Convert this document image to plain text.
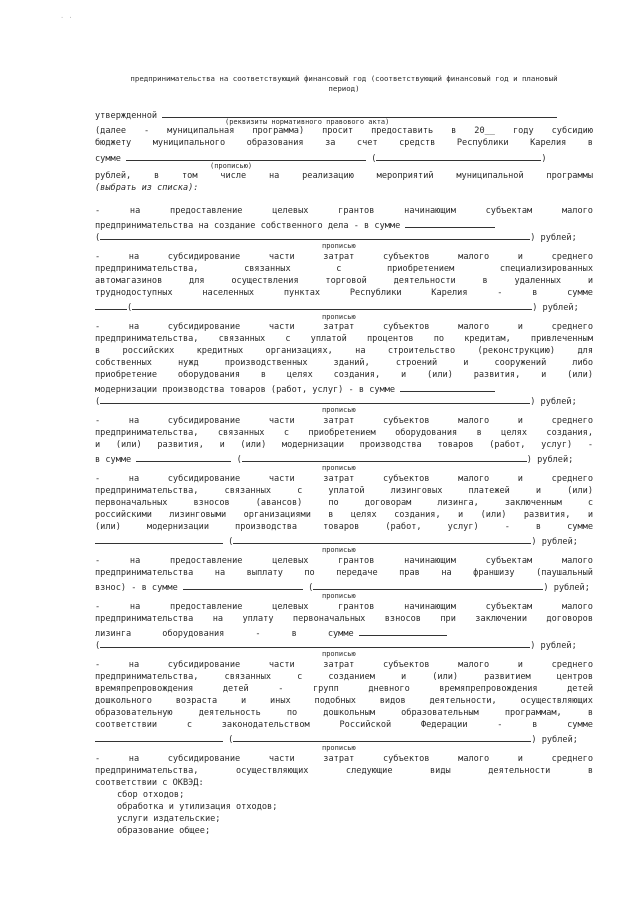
· ·
предпринимательства на соответствующий финансовый год (соответствующий финансовый год и плановый
период)
утвержденной
(реквизиты нормативного правового акта)
(далее - муниципальная программа) просит предоставить в 20__ году субсидию
бюджету муниципального образования за счет средств Республики Карелия в
сумме	(	)
(прописью)
рублей, в том числе на реализацию мероприятий муниципальной программы
(выбрать из списка):
- на предоставление целевых грантов начинающим субъектам малого
предпринимательства на создание собственного дела - в сумме
(	) рублей;
прописью
- на субсидирование части затрат субъектов малого и среднего
предпринимательства, связанных с приобретением специализированных
автомагазинов для осуществления торговой деятельности в удаленных и
труднодоступных населенных пунктах Республики Карелия - в сумме
(	) рублей;
прописью
- на субсидирование части затрат субъектов малого и среднего
предпринимательства, связанных с уплатой процентов по кредитам, привлеченным
в российских кредитных организациях, на строительство (реконструкцию) для
собственных нужд производственных зданий, строений и сооружений либо
приобретение оборудования в целях создания, и (или) развития, и (или)
модернизации производства товаров (работ, услуг) - в сумме
(	) рублей;
прописью
- на субсидирование части затрат субъектов малого и среднего
предпринимательства, связанных с приобретением оборудования в целях создания,
и (или) развития, и (или) модернизации производства товаров (работ, услуг) -
в сумме	(	) рублей;
прописью
- на субсидирование части затрат субъектов малого и среднего
предпринимательства, связанных с уплатой лизинговых платежей и (или)
первоначальных взносов (авансов) по договорам лизинга, заключенным с
российскими лизинговыми организациями в целях создания, и (или) развития, и
(или) модернизации производства товаров (работ, услуг) - в сумме
(	) рублей;
прописью
- на предоставление целевых грантов начинающим субъектам малого
предпринимательства на выплату по передаче прав на франшизу (паушальный
взнос) - в сумме	(	) рублей;
прописью
- на предоставление целевых грантов начинающим субъектам малого
предпринимательства на уплату первоначальных взносов при заключении договоров
лизинга      оборудования      -      в      сумме
(	) рублей;
прописью
- на субсидирование части затрат субъектов малого и среднего
предпринимательства, связанных с созданием и (или) развитием центров
времяпрепровождения детей - групп дневного времяпрепровождения детей
дошкольного возраста и иных подобных видов деятельности, осуществляющих
образовательную деятельность по дошкольным образовательным программам, в
соответствии с законодательством Российской Федерации - в сумме
(	) рублей;
прописью
- на субсидирование части затрат субъектов малого и среднего
предпринимательства, осуществляющих следующие виды деятельности в
соответствии с ОКВЭД:
сбор отходов;
обработка и утилизация отходов;
услуги издательские;
образование общее;
